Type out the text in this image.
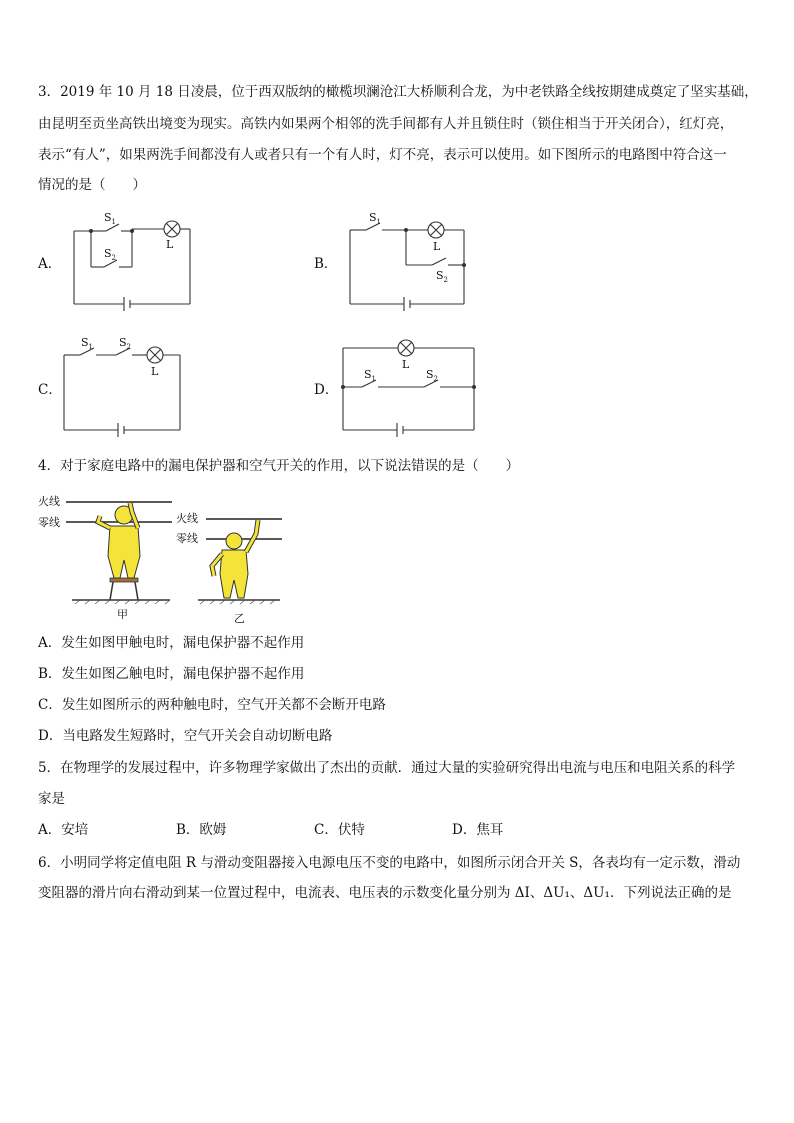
3．2019 年 10 月 18 日凌晨，位于西双版纳的橄榄坝澜沧江大桥顺利合龙，为中老铁路全线按期建成奠定了坚实基础，
由昆明至贡坐高铁出境变为现实。高铁内如果两个相邻的洗手间都有人并且锁住时（锁住相当于开关闭合），红灯亮，
表示“有人”，如果两洗手间都没有人或者只有一个有人时，灯不亮，表示可以使用。如下图所示的电路图中符合这一
情况的是（　　）
A．	B．
C．	D．
$S_1$
$S_2$
L
$S_1$
L
$S_2$
$S_1$ $S_2$
L	$S_1$	$S_2$
L
4．对于家庭电路中的漏电保护器和空气开关的作用，以下说法错误的是（　　）
火线
零线
甲
火线
零线
乙
A．发生如图甲触电时，漏电保护器不起作用
B．发生如图乙触电时，漏电保护器不起作用
C．发生如图所示的两种触电时，空气开关都不会断开电路
D．当电路发生短路时，空气开关会自动切断电路
5．在物理学的发展过程中，许多物理学家做出了杰出的贡献．通过大量的实验研究得出电流与电压和电阻关系的科学
家是
A．安培	B．欧姆	C．伏特	D．焦耳
6．小明同学将定值电阻 R 与滑动变阻器接入电源电压不变的电路中，如图所示闭合开关 S，各表均有一定示数，滑动
变阻器的滑片向右滑动到某一位置过程中，电流表、电压表的示数变化量分别为 ΔI、ΔU₁、ΔU₁．下列说法正确的是
